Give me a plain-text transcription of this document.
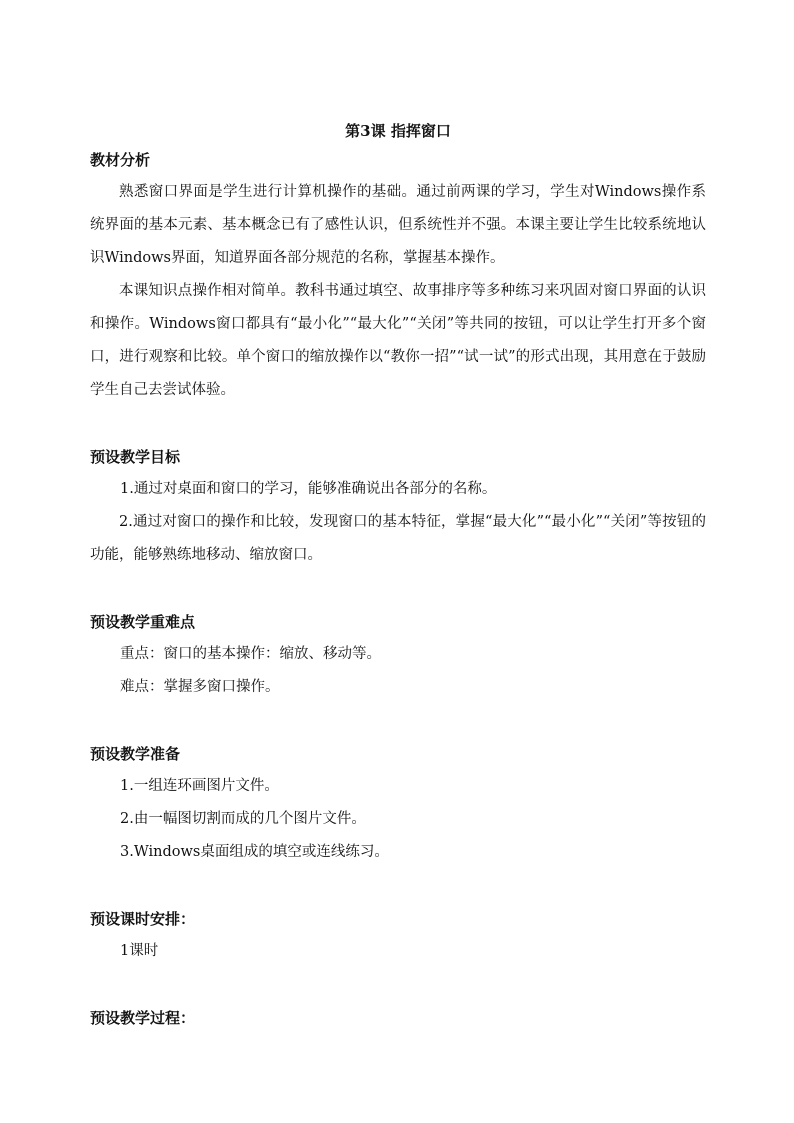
第3课 指挥窗口
教材分析

熟悉窗口界面是学生进行计算机操作的基础。通过前两课的学习，学生对Windows操作系统界面的基本元素、基本概念已有了感性认识，但系统性并不强。本课主要让学生比较系统地认识Windows界面，知道界面各部分规范的名称，掌握基本操作。

本课知识点操作相对简单。教科书通过填空、故事排序等多种练习来巩固对窗口界面的认识和操作。Windows窗口都具有“最小化”“最大化”“关闭”等共同的按钮，可以让学生打开多个窗口，进行观察和比较。单个窗口的缩放操作以“教你一招”“试一试”的形式出现，其用意在于鼓励学生自己去尝试体验。

预设教学目标

1.通过对桌面和窗口的学习，能够准确说出各部分的名称。

2.通过对窗口的操作和比较，发现窗口的基本特征，掌握“最大化”“最小化”“关闭”等按钮的功能，能够熟练地移动、缩放窗口。

预设教学重难点

重点：窗口的基本操作：缩放、移动等。

难点：掌握多窗口操作。

预设教学准备

1.一组连环画图片文件。

2.由一幅图切割而成的几个图片文件。

3.Windows桌面组成的填空或连线练习。

预设课时安排：

1课时

预设教学过程：
